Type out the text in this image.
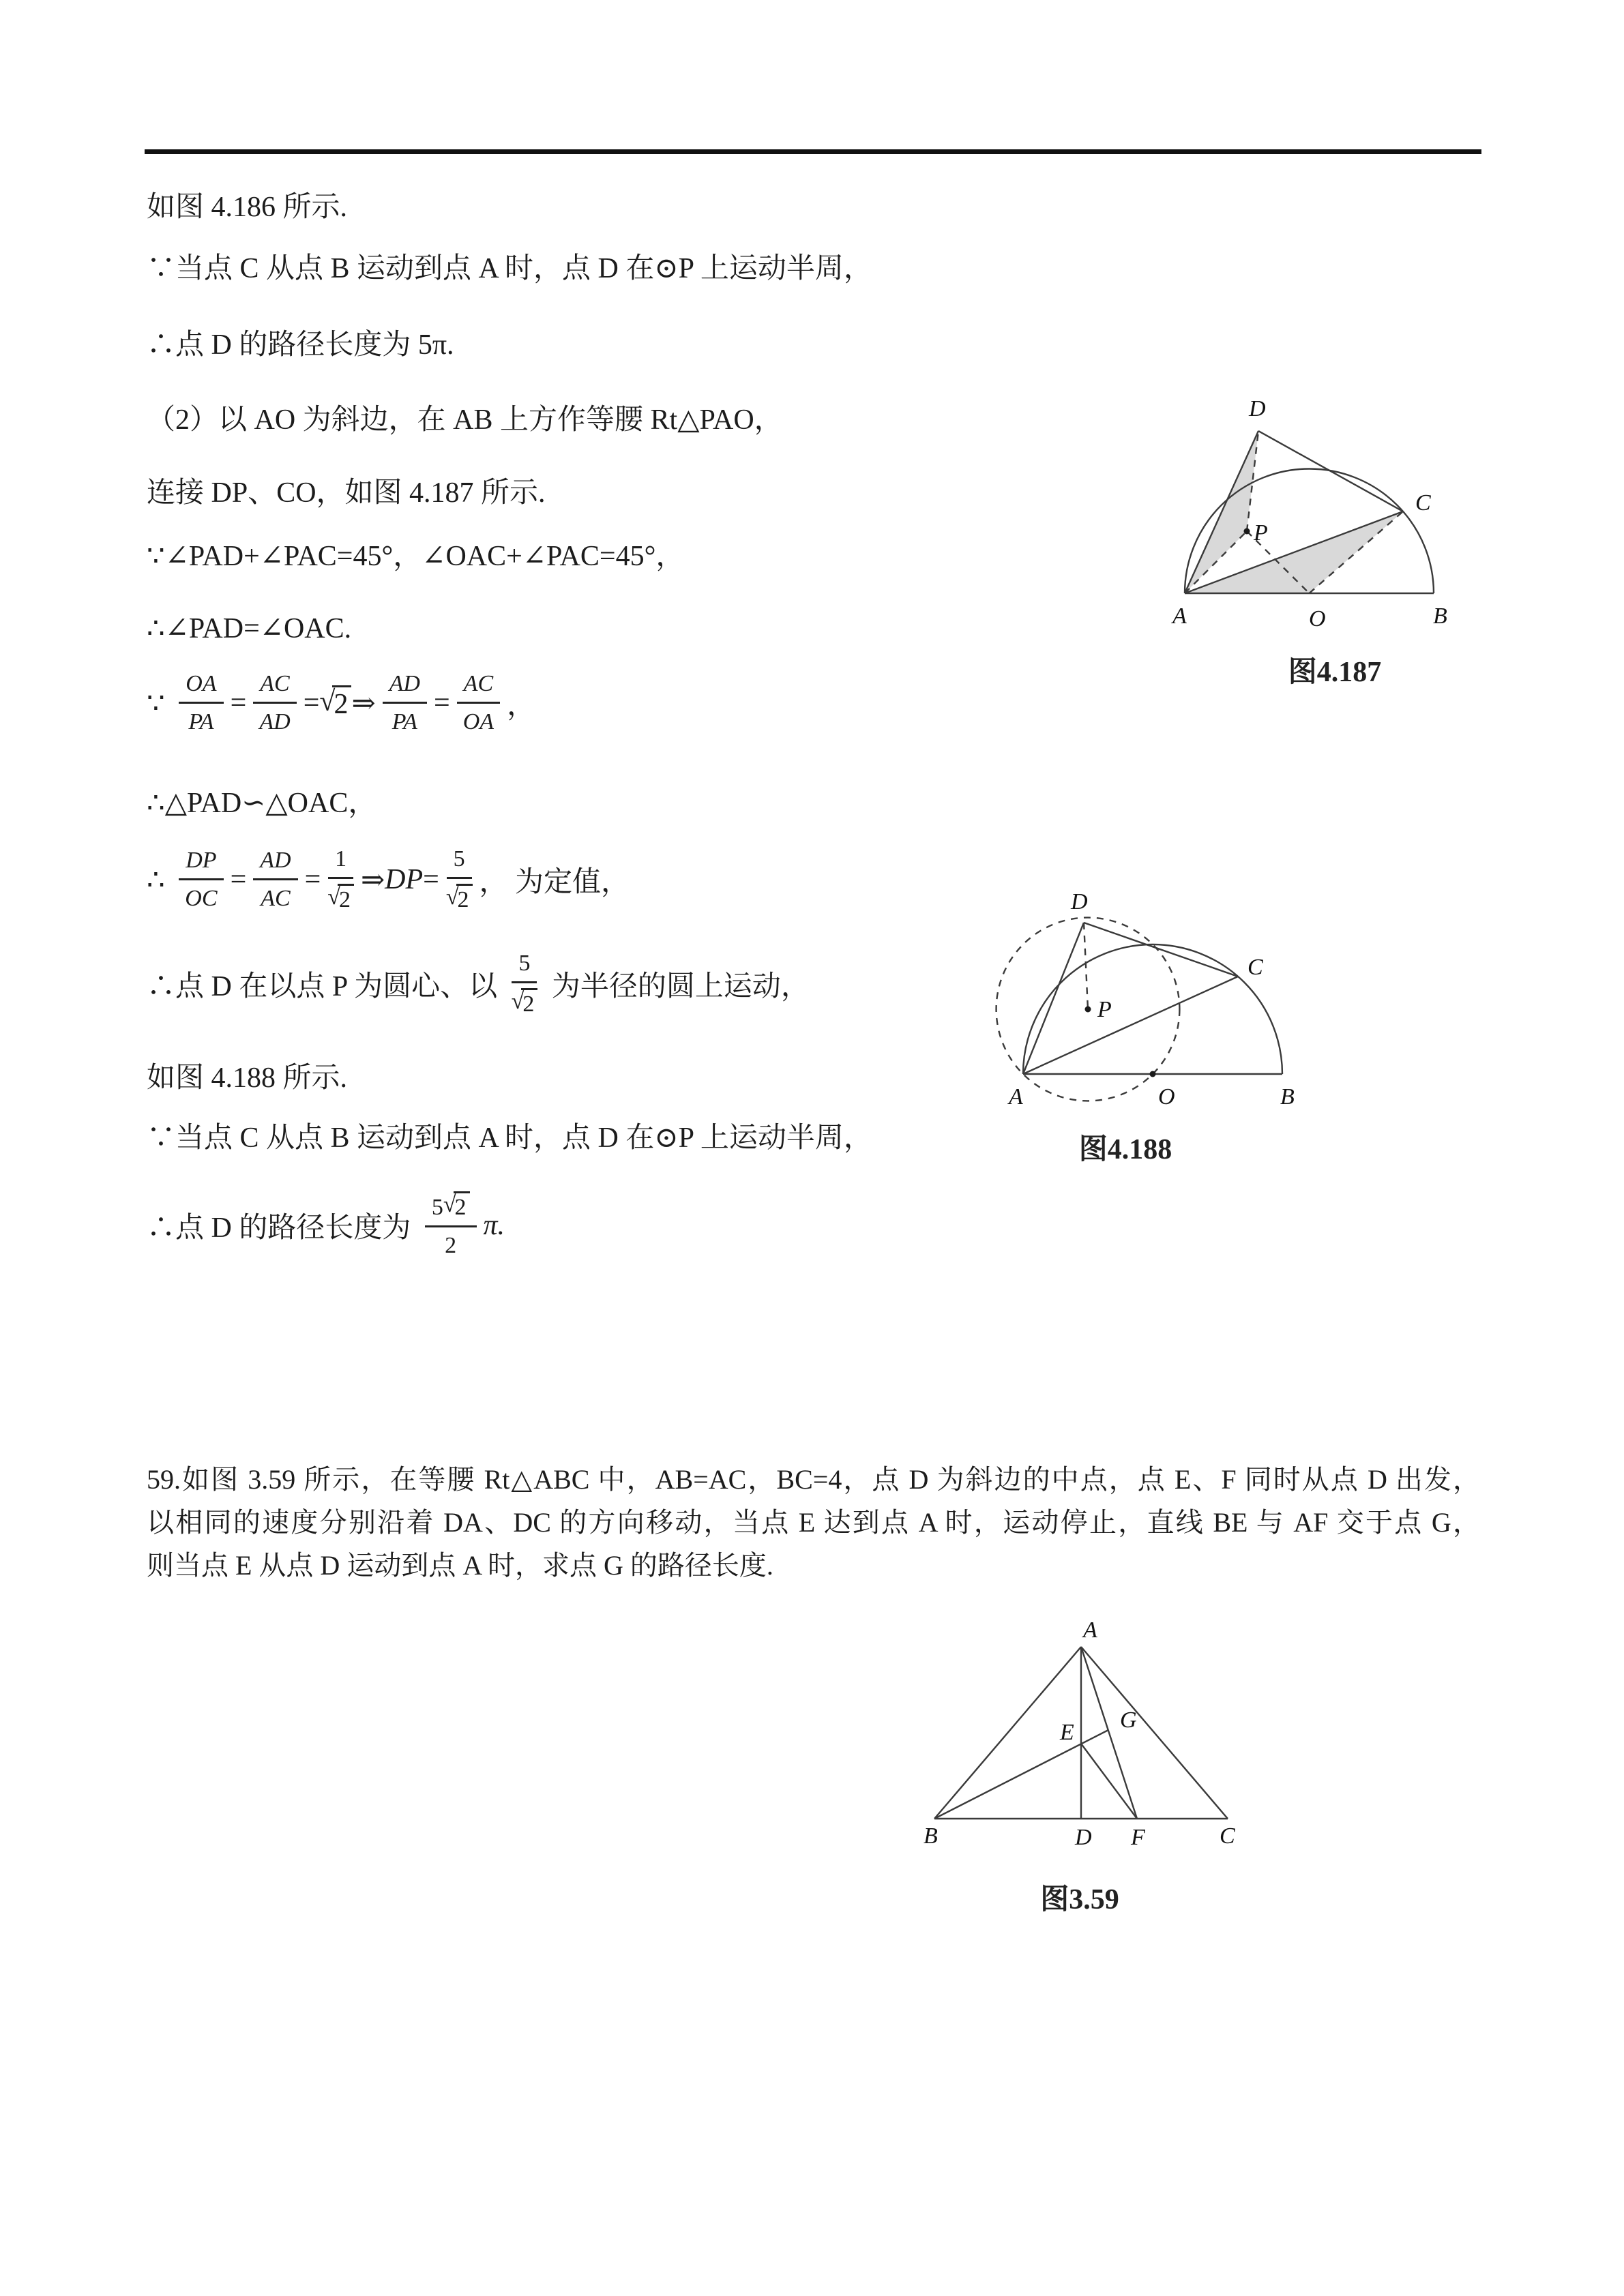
如图 4.186 所示.
∵当点 C 从点 B 运动到点 A 时，点 D 在⊙P 上运动半周，
∴点 D 的路径长度为 5π.
（2）以 AO 为斜边，在 AB 上方作等腰 Rt△PAO，
连接 DP、CO，如图 4.187 所示.
∵∠PAD+∠PAC=45°，∠OAC+∠PAC=45°，
∴∠PAD=∠OAC.
∵ $\frac{OA}{PA} = \frac{AC}{AD}$ = √
2 ⇒ $\frac{AD}{PA} = \frac{AC}{OA}$ ，
∴△PAD∽△OAC，
∴ $\frac{DP}{OC} = \frac{AD}{AC} = 1$
√
2 ⇒ DP = 5
√
2 ， 为定值，
∴点 D 在以点 P 为圆心、以 5
√
2 为半径的圆上运动，
如图 4.188 所示.
∵当点 C 从点 B 运动到点 A 时，点 D 在⊙P 上运动半周，
∴点 D 的路径长度为 5 √
2
2 π.
59.如图 3.59 所示，在等腰 Rt△ABC 中，AB=AC，BC=4，点 D 为斜边的中点，点 E、F 同时从点 D 出发，
以相同的速度分别沿着 DA、DC 的方向移动，当点 E 达到点 A 时，运动停止，直线 BE 与 AF 交于点 G，
则当点 E 从点 D 运动到点 A 时，求点 G 的路径长度.
D
A	O	B
C
P
图4.187
D
A	O	B
C
P
图4.188
A
B	D F	C
E G
图3.59
